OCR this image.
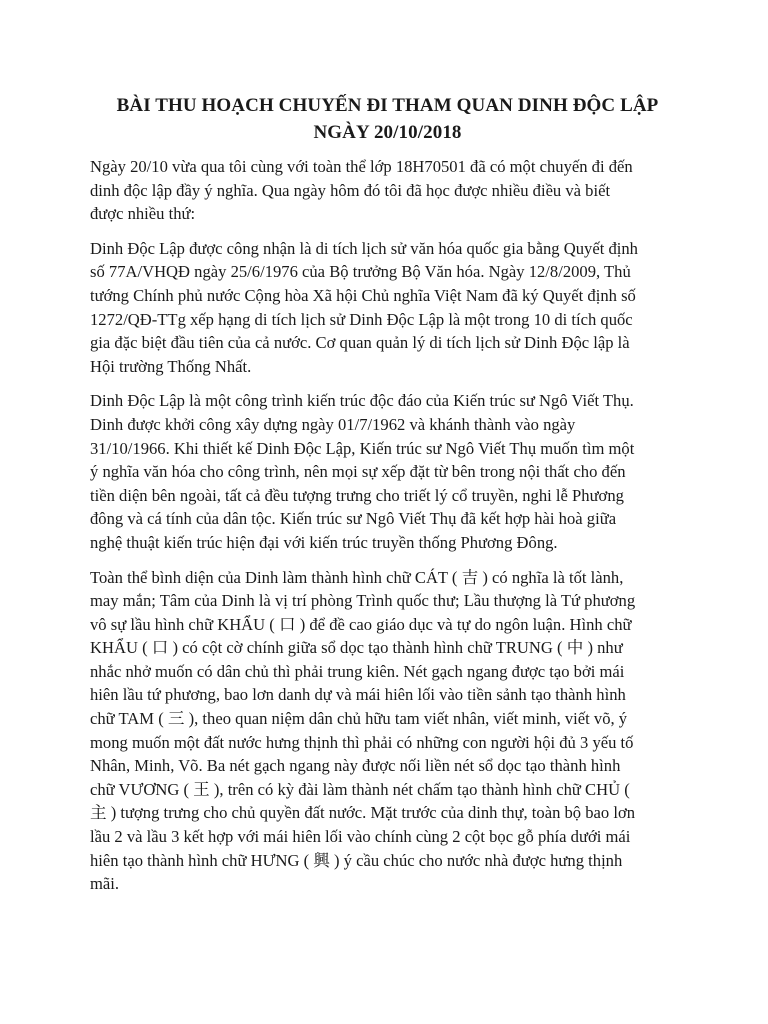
BÀI THU HOẠCH CHUYẾN ĐI THAM QUAN DINH ĐỘC LẬP
NGÀY 20/10/2018

Ngày 20/10 vừa qua tôi cùng với toàn thể lớp 18H70501 đã có một chuyến đi đến
dinh độc lập đầy ý nghĩa. Qua ngày hôm đó tôi đã học được nhiều điều và biết
được nhiều thứ:

Dinh Độc Lập được công nhận là di tích lịch sử văn hóa quốc gia bằng Quyết định
số 77A/VHQĐ ngày 25/6/1976 của Bộ trưởng Bộ Văn hóa. Ngày 12/8/2009, Thủ
tướng Chính phủ nước Cộng hòa Xã hội Chủ nghĩa Việt Nam đã ký Quyết định số
1272/QĐ-TTg xếp hạng di tích lịch sử Dinh Độc Lập là một trong 10 di tích quốc
gia đặc biệt đầu tiên của cả nước. Cơ quan quản lý di tích lịch sử Dinh Độc lập là
Hội trường Thống Nhất.

Dinh Độc Lập là một công trình kiến trúc độc đáo của Kiến trúc sư Ngô Viết Thụ.
Dinh được khởi công xây dựng ngày 01/7/1962 và khánh thành vào ngày
31/10/1966. Khi thiết kế Dinh Độc Lập, Kiến trúc sư Ngô Viết Thụ muốn tìm một
ý nghĩa văn hóa cho công trình, nên mọi sự xếp đặt từ bên trong nội thất cho đến
tiền diện bên ngoài, tất cả đều tượng trưng cho triết lý cổ truyền, nghi lễ Phương
đông và cá tính của dân tộc. Kiến trúc sư Ngô Viết Thụ đã kết hợp hài hoà giữa
nghệ thuật kiến trúc hiện đại với kiến trúc truyền thống Phương Đông.

Toàn thể bình diện của Dinh làm thành hình chữ CÁT ( 吉 ) có nghĩa là tốt lành,
may mắn; Tâm của Dinh là vị trí phòng Trình quốc thư; Lầu thượng là Tứ phương
vô sự lầu hình chữ KHẨU ( 口 ) để đề cao giáo dục và tự do ngôn luận. Hình chữ
KHẨU ( 口 ) có cột cờ chính giữa sổ dọc tạo thành hình chữ TRUNG ( 中 ) như
nhắc nhở muốn có dân chủ thì phải trung kiên. Nét gạch ngang được tạo bởi mái
hiên lầu tứ phương, bao lơn danh dự và mái hiên lối vào tiền sảnh tạo thành hình
chữ TAM ( 三 ), theo quan niệm dân chủ hữu tam viết nhân, viết minh, viết võ, ý
mong muốn một đất nước hưng thịnh thì phải có những con người hội đủ 3 yếu tố
Nhân, Minh, Võ. Ba nét gạch ngang này được nối liền nét sổ dọc tạo thành hình
chữ VƯƠNG ( 王 ), trên có kỳ đài làm thành nét chấm tạo thành hình chữ CHỦ (
主 ) tượng trưng cho chủ quyền đất nước. Mặt trước của dinh thự, toàn bộ bao lơn
lầu 2 và lầu 3 kết hợp với mái hiên lối vào chính cùng 2 cột bọc gỗ phía dưới mái
hiên tạo thành hình chữ HƯNG ( 興 ) ý cầu chúc cho nước nhà được hưng thịnh
mãi.
